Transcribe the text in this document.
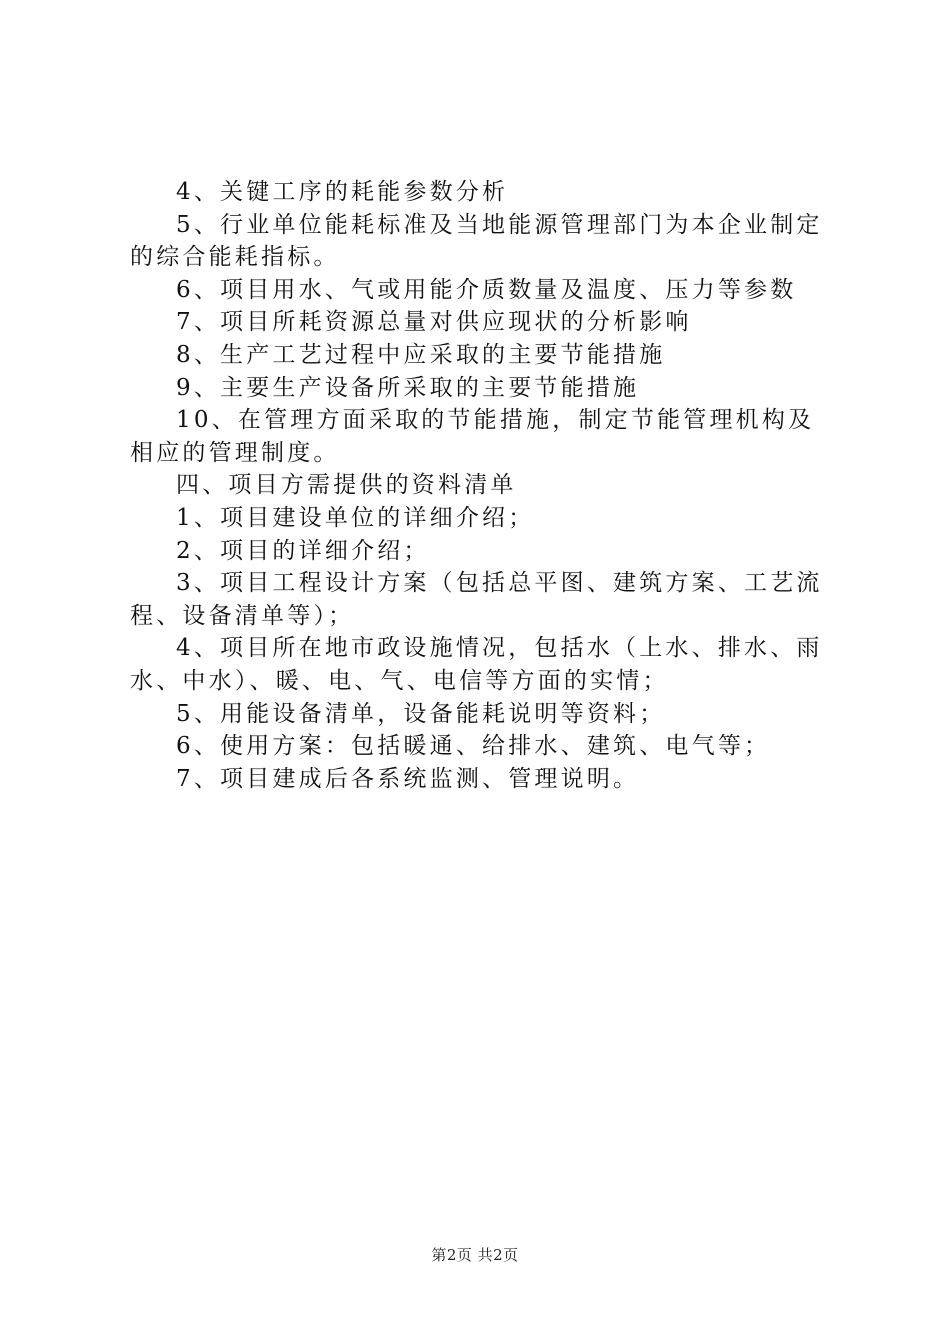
4、关键工序的耗能参数分析

5、行业单位能耗标准及当地能源管理部门为本企业制定的综合能耗指标。

6、项目用水、气或用能介质数量及温度、压力等参数

7、项目所耗资源总量对供应现状的分析影响

8、生产工艺过程中应采取的主要节能措施

9、主要生产设备所采取的主要节能措施

10、在管理方面采取的节能措施，制定节能管理机构及相应的管理制度。

四、项目方需提供的资料清单

1、项目建设单位的详细介绍；

2、项目的详细介绍；

3、项目工程设计方案（包括总平图、建筑方案、工艺流程、设备清单等）；

4、项目所在地市政设施情况，包括水（上水、排水、雨水、中水）、暖、电、气、电信等方面的实情；

5、用能设备清单，设备能耗说明等资料；

6、使用方案：包括暖通、给排水、建筑、电气等；

7、项目建成后各系统监测、管理说明。

第2页 共2页
